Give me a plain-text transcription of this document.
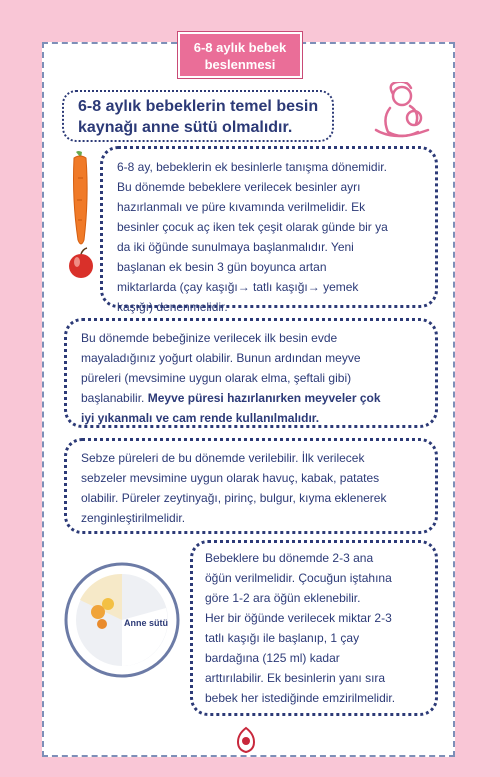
6-8 aylık bebek
beslenmesi
6-8 aylık bebeklerin temel besin
kaynağı anne sütü olmalıdır.
6-8 ay, bebeklerin ek besinlerle tanışma dönemidir.
Bu dönemde bebeklere verilecek besinler ayrı
hazırlanmalı ve püre kıvamında verilmelidir. Ek
besinler çocuk aç iken tek çeşit olarak günde bir ya
da iki öğünde sunulmaya başlanmalıdır. Yeni
başlanan ek besin 3 gün boyunca artan
miktarlarda (çay kaşığı→ tatlı kaşığı→ yemek
kaşığı) denenmelidir.
Bu dönemde bebeğinize verilecek ilk besin evde
mayaladığınız yoğurt olabilir. Bunun ardından meyve
püreleri (mevsimine uygun olarak elma, şeftali gibi)
başlanabilir. Meyve püresi hazırlanırken meyveler çok
iyi yıkanmalı ve cam rende kullanılmalıdır.
Sebze püreleri de bu dönemde verilebilir. İlk verilecek
sebzeler mevsimine uygun olarak havuç, kabak, patates
olabilir. Püreler zeytinyağı, pirinç, bulgur, kıyma eklenerek
zenginleştirilmelidir.
Anne sütü
Bebeklere bu dönemde 2-3 ana
öğün verilmelidir. Çocuğun iştahına
göre 1-2 ara öğün eklenebilir.
Her bir öğünde verilecek miktar 2-3
tatlı kaşığı ile başlanıp, 1 çay
bardağına (125 ml) kadar
arttırılabilir. Ek besinlerin yanı sıra
bebek her istediğinde emzirilmelidir.
